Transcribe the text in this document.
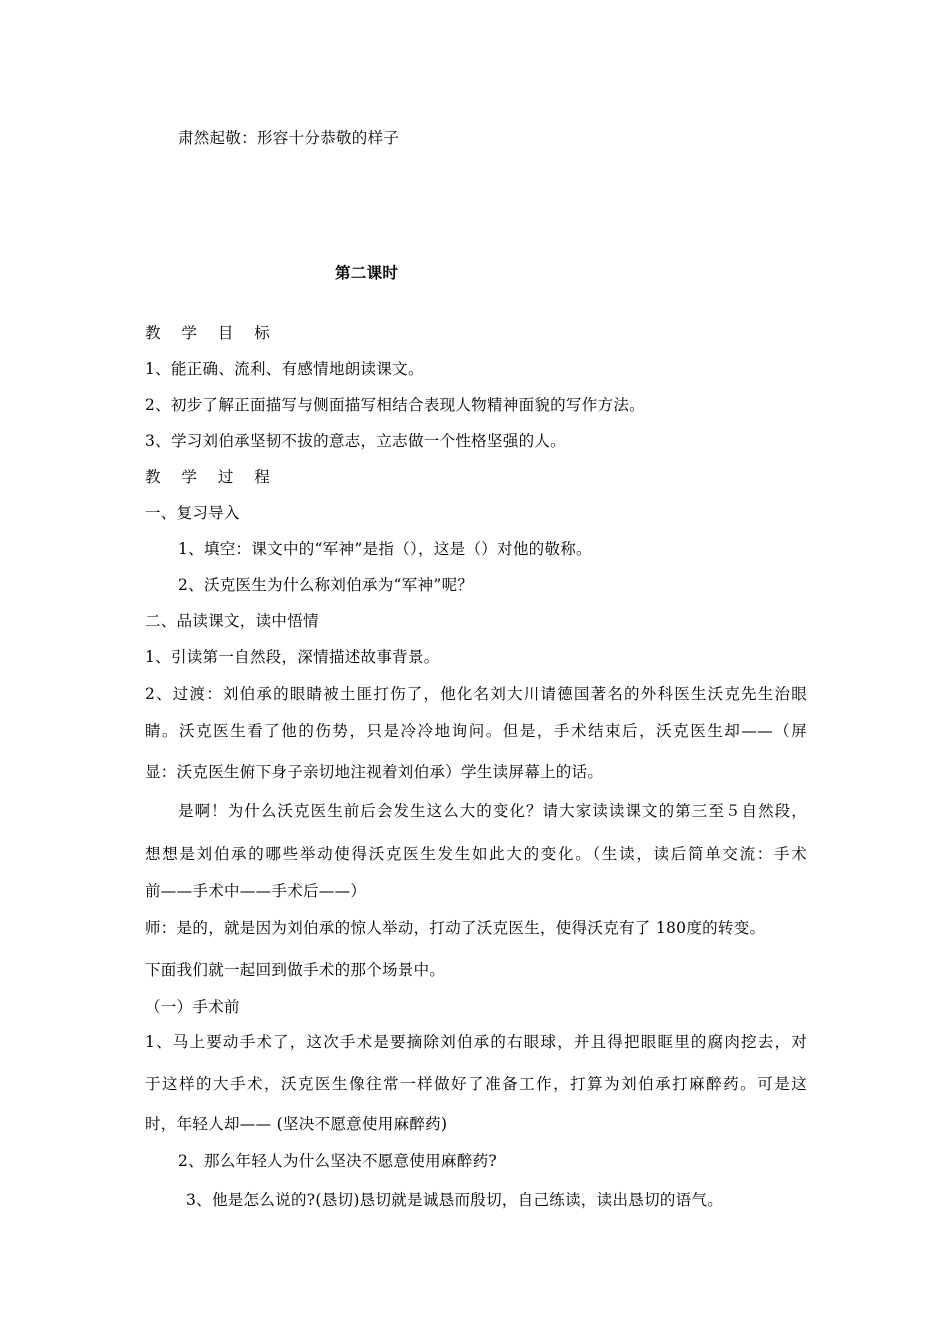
肃然起敬：形容十分恭敬的样子
第二课时
教 学 目 标
1、能正确、流利、有感情地朗读课文。
2、初步了解正面描写与侧面描写相结合表现人物精神面貌的写作方法。
3、学习刘伯承坚韧不拔的意志，立志做一个性格坚强的人。
教 学 过 程
一、复习导入
1、填空：课文中的“军神”是指（），这是（）对他的敬称。
2、沃克医生为什么称刘伯承为“军神”呢？
二、品读课文，读中悟情
1、引读第一自然段，深情描述故事背景。
2、过渡：刘伯承的眼睛被土匪打伤了，他化名刘大川请德国著名的外科医生沃克先生治眼
睛。沃克医生看了他的伤势，只是冷冷地询问。但是，手术结束后，沃克医生却——（屏
显：沃克医生俯下身子亲切地注视着刘伯承）学生读屏幕上的话。
是啊！为什么沃克医生前后会发生这么大的变化？请大家读读课文的第三至５自然段，
想想是刘伯承的哪些举动使得沃克医生发生如此大的变化。（生读，读后简单交流：手术
前——手术中——手术后——）
师：是的，就是因为刘伯承的惊人举动，打动了沃克医生，使得沃克有了 180度的转变。
下面我们就一起回到做手术的那个场景中。
（一）手术前
1、马上要动手术了，这次手术是要摘除刘伯承的右眼球，并且得把眼眶里的腐肉挖去，对
于这样的大手术，沃克医生像往常一样做好了准备工作，打算为刘伯承打麻醉药。可是这
时，年轻人却—— (坚决不愿意使用麻醉药)
2、那么年轻人为什么坚决不愿意使用麻醉药?
3、他是怎么说的?(恳切)恳切就是诚恳而殷切，自己练读，读出恳切的语气。
